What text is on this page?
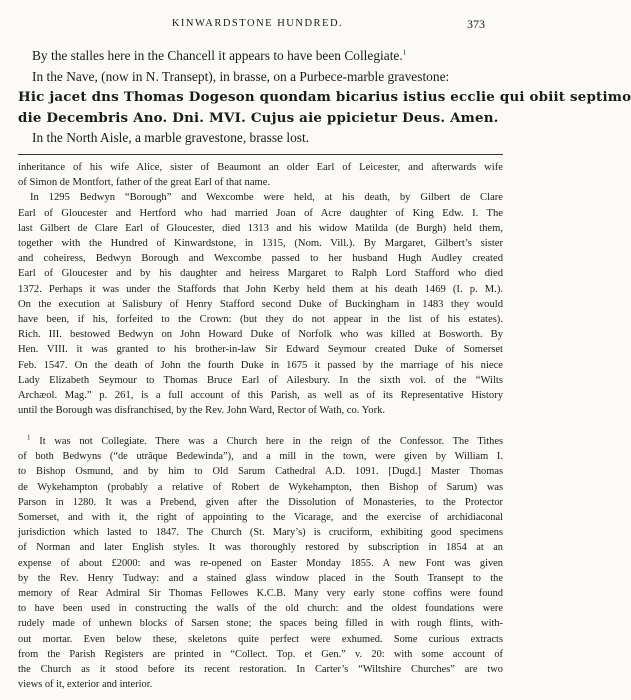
KINWARDSTONE HUNDRED.	373
By the stalles here in the Chancell it appears to have been Collegiate.$^1$
In the Nave, (now in N. Transept), in brasse, on a Purbece-marble gravestone:
Hic jacet dns Thomas Dogeson quondam bicarius istius ecclie qui obiit septimo
die Decembris Ano. Dni. MVI. Cujus aie ppicietur Deus. Amen.
In the North Aisle, a marble gravestone, brasse lost.
inheritance of his wife Alice, sister of Beaumont an older Earl of Leicester, and afterwards wife
of Simon de Montfort, father of the great Earl of that name.
In 1295 Bedwyn “Borough” and Wexcombe were held, at his death, by Gilbert de Clare
Earl of Gloucester and Hertford who had married Joan of Acre daughter of King Edw. I. The
last Gilbert de Clare Earl of Gloucester, died 1313 and his widow Matilda (de Burgh) held them,
together with the Hundred of Kinwardstone, in 1315, (Nom. Vill.). By Margaret, Gilbert’s sister
and coheiress, Bedwyn Borough and Wexcombe passed to her husband Hugh Audley created
Earl of Gloucester and by his daughter and heiress Margaret to Ralph Lord Stafford who died
1372. Perhaps it was under the Staffords that John Kerby held them at his death 1469 (I. p. M.).
On the execution at Salisbury of Henry Stafford second Duke of Buckingham in 1483 they would
have been, if his, forfeited to the Crown: (but they do not appear in the list of his estates).
Rich. III. bestowed Bedwyn on John Howard Duke of Norfolk who was killed at Bosworth. By
Hen. VIII. it was granted to his brother-in-law Sir Edward Seymour created Duke of Somerset
Feb. 1547. On the death of John the fourth Duke in 1675 it passed by the marriage of his niece
Lady Elizabeth Seymour to Thomas Bruce Earl of Ailesbury. In the sixth vol. of the “Wilts
Archæol. Mag.” p. 261, is a full account of this Parish, as well as of its Representative History
until the Borough was disfranchised, by the Rev. John Ward, Rector of Wath, co. York.
$^1$ It was not Collegiate. There was a Church here in the reign of the Confessor. The Tithes
of both Bedwyns (“de utrâque Bedewinda”), and a mill in the town, were given by William I.
to Bishop Osmund, and by him to Old Sarum Cathedral A.D. 1091. [Dugd.] Master Thomas
de Wykehampton (probably a relative of Robert de Wykehampton, then Bishop of Sarum) was
Parson in 1280. It was a Prebend, given after the Dissolution of Monasteries, to the Protector
Somerset, and with it, the right of appointing to the Vicarage, and the exercise of archidiaconal
jurisdiction which lasted to 1847. The Church (St. Mary’s) is cruciform, exhibiting good specimens
of Norman and later English styles. It was thoroughly restored by subscription in 1854 at an
expense of about £2000: and was re-opened on Easter Monday 1855. A new Font was given
by the Rev. Henry Tudway: and a stained glass window placed in the South Transept to the
memory of Rear Admiral Sir Thomas Fellowes K.C.B. Many very early stone coffins were found
to have been used in constructing the walls of the old church: and the oldest foundations were
rudely made of unhewn blocks of Sarsen stone; the spaces being filled in with rough flints, with-
out mortar. Even below these, skeletons quite perfect were exhumed. Some curious extracts
from the Parish Registers are printed in “Collect. Top. et Gen.” v. 20: with some account of
the Church as it stood before its recent restoration. In Carter’s “Wiltshire Churches” are two
views of it, exterior and interior.
